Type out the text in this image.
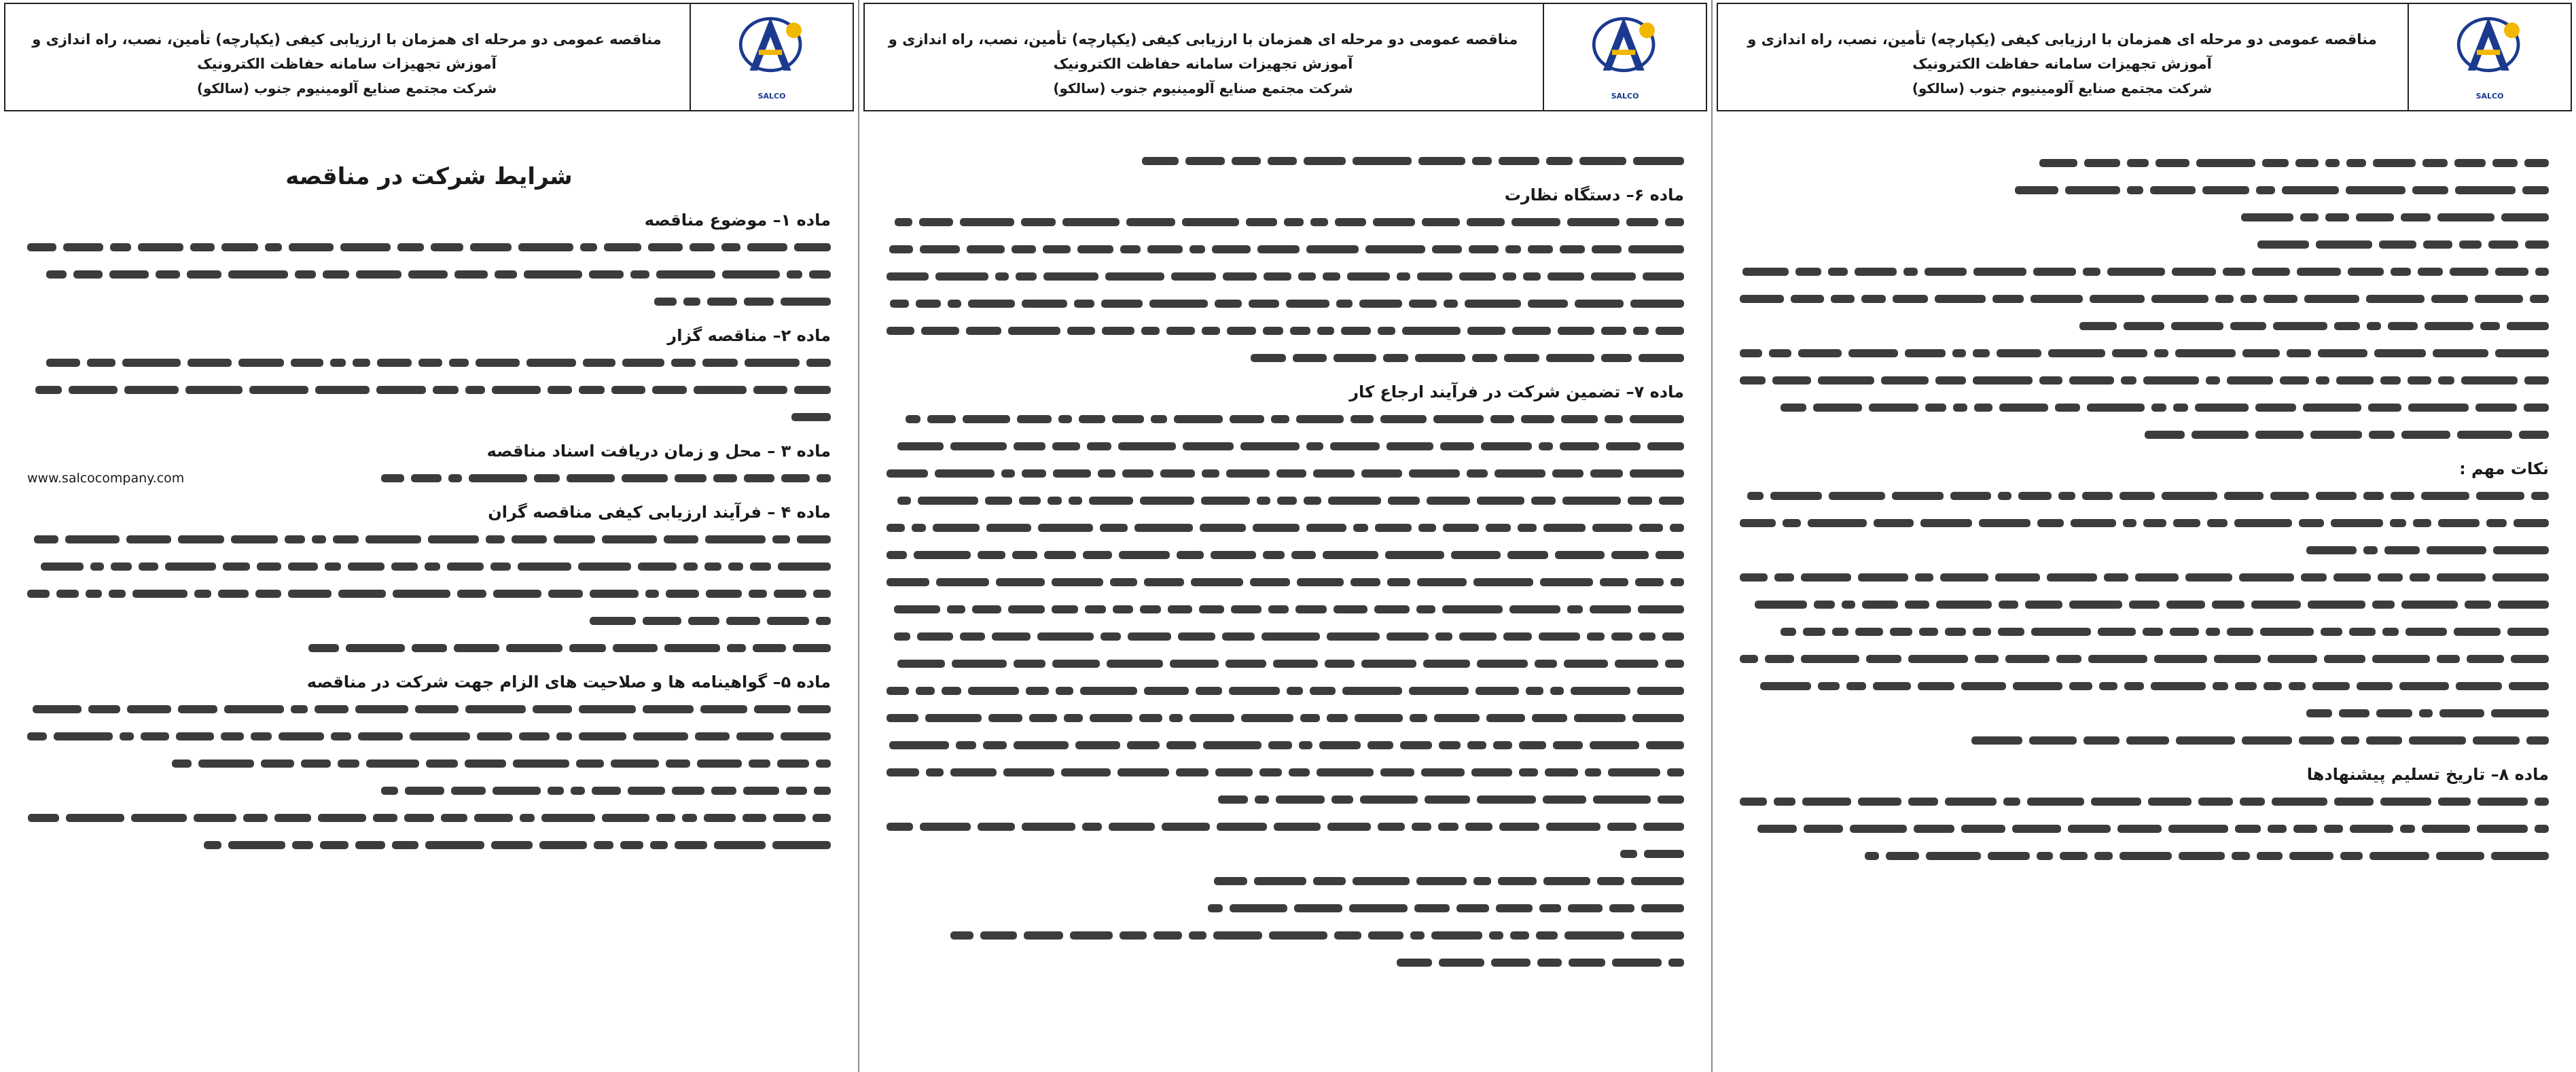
مناقصه عمومی دو مرحله ای همزمان با ارزیابی کیفی (یکپارچه) تأمین، نصب، راه اندازی و آموزش تجهیزات سامانه حفاظت الکترونیک
شرکت مجتمع صنایع آلومینیوم جنوب (سالکو)	SALCO
شرایط شرکت در مناقصه
ماده ۱– موضوع مناقصه
ماده ۲– مناقصه گزار
ماده ۳ – محل و زمان دریافت اسناد مناقصه
www.salcocompany.com
ماده ۴ – فرآیند ارزیابی کیفی مناقصه گران
ماده ۵– گواهینامه ها و صلاحیت های الزام جهت شرکت در مناقصه
مناقصه عمومی دو مرحله ای همزمان با ارزیابی کیفی (یکپارچه) تأمین، نصب، راه اندازی و آموزش تجهیزات سامانه حفاظت الکترونیک
شرکت مجتمع صنایع آلومینیوم جنوب (سالکو)	SALCO
ماده ۶– دستگاه نظارت
ماده ۷– تضمین شرکت در فرآیند ارجاع کار
مناقصه عمومی دو مرحله ای همزمان با ارزیابی کیفی (یکپارچه) تأمین، نصب، راه اندازی و آموزش تجهیزات سامانه حفاظت الکترونیک
شرکت مجتمع صنایع آلومینیوم جنوب (سالکو)	SALCO
نکات مهم :
ماده ۸– تاریخ تسلیم پیشنهادها
